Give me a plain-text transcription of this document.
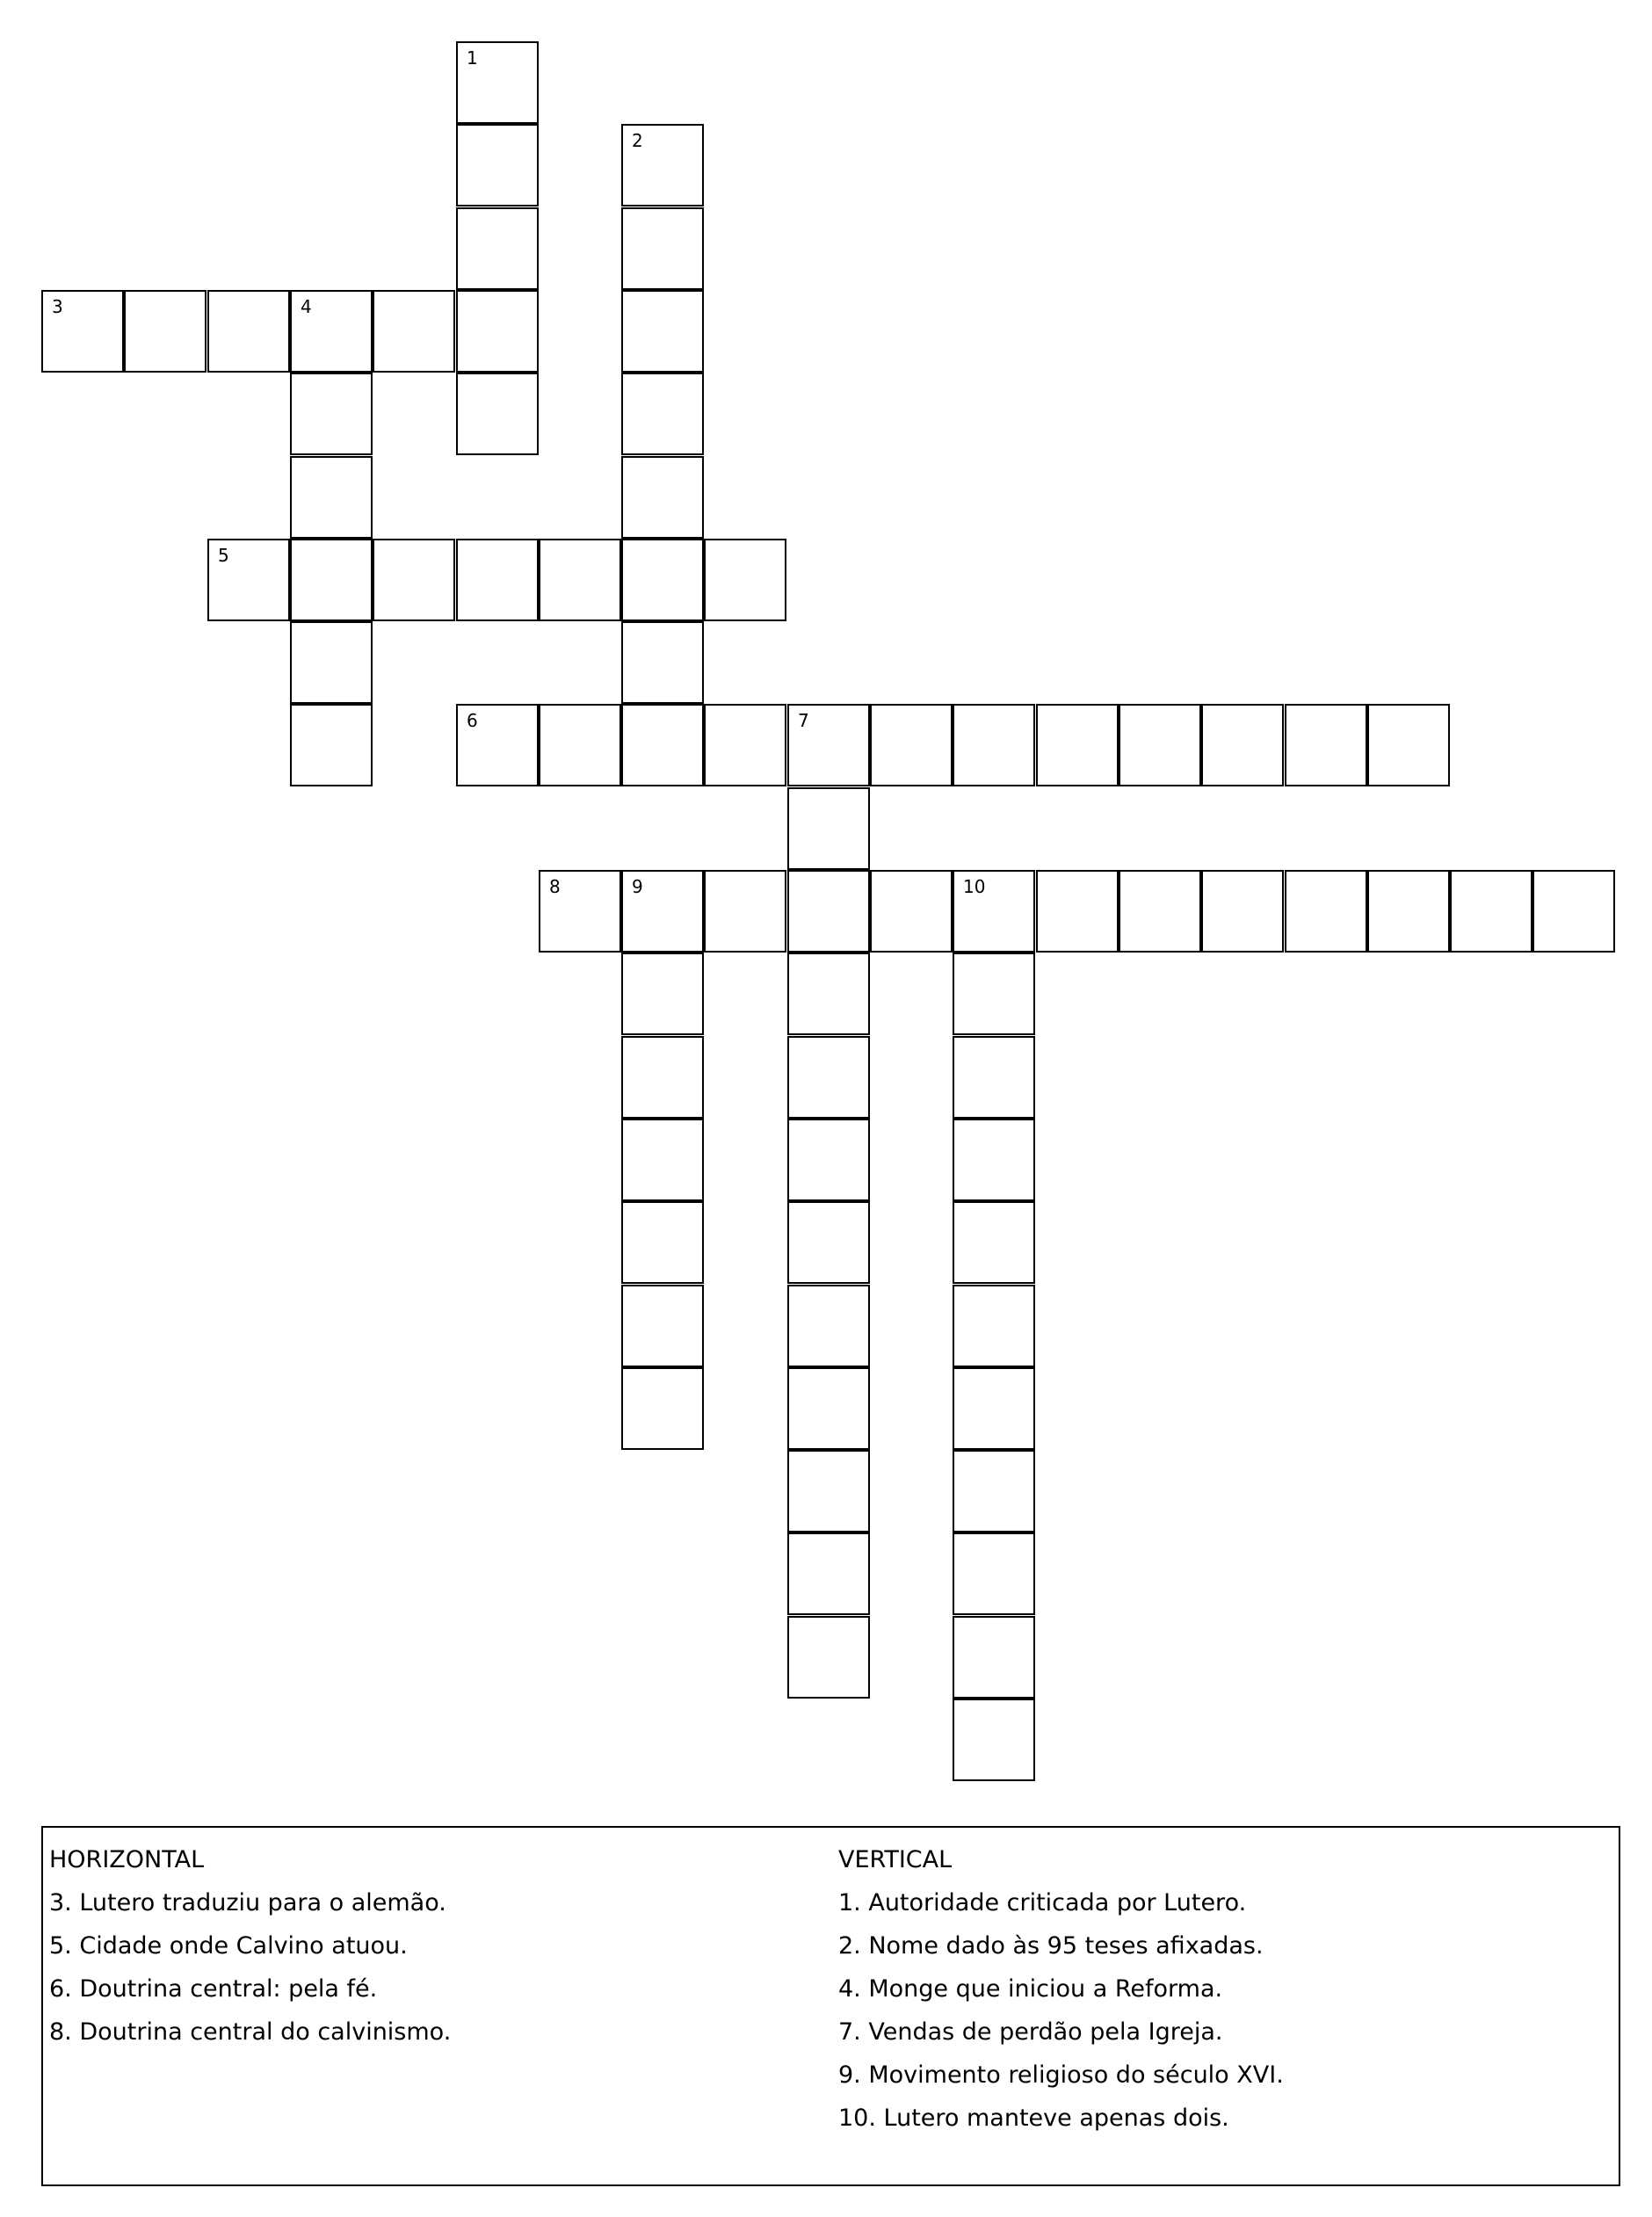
1
2
3	4
5
6	7
8	9	10
HORIZONTAL
3. Lutero traduziu para o alemão.
5. Cidade onde Calvino atuou.
6. Doutrina central: pela fé.
8. Doutrina central do calvinismo.
VERTICAL
1. Autoridade criticada por Lutero.
2. Nome dado às 95 teses afixadas.
4. Monge que iniciou a Reforma.
7. Vendas de perdão pela Igreja.
9. Movimento religioso do século XVI.
10. Lutero manteve apenas dois.
